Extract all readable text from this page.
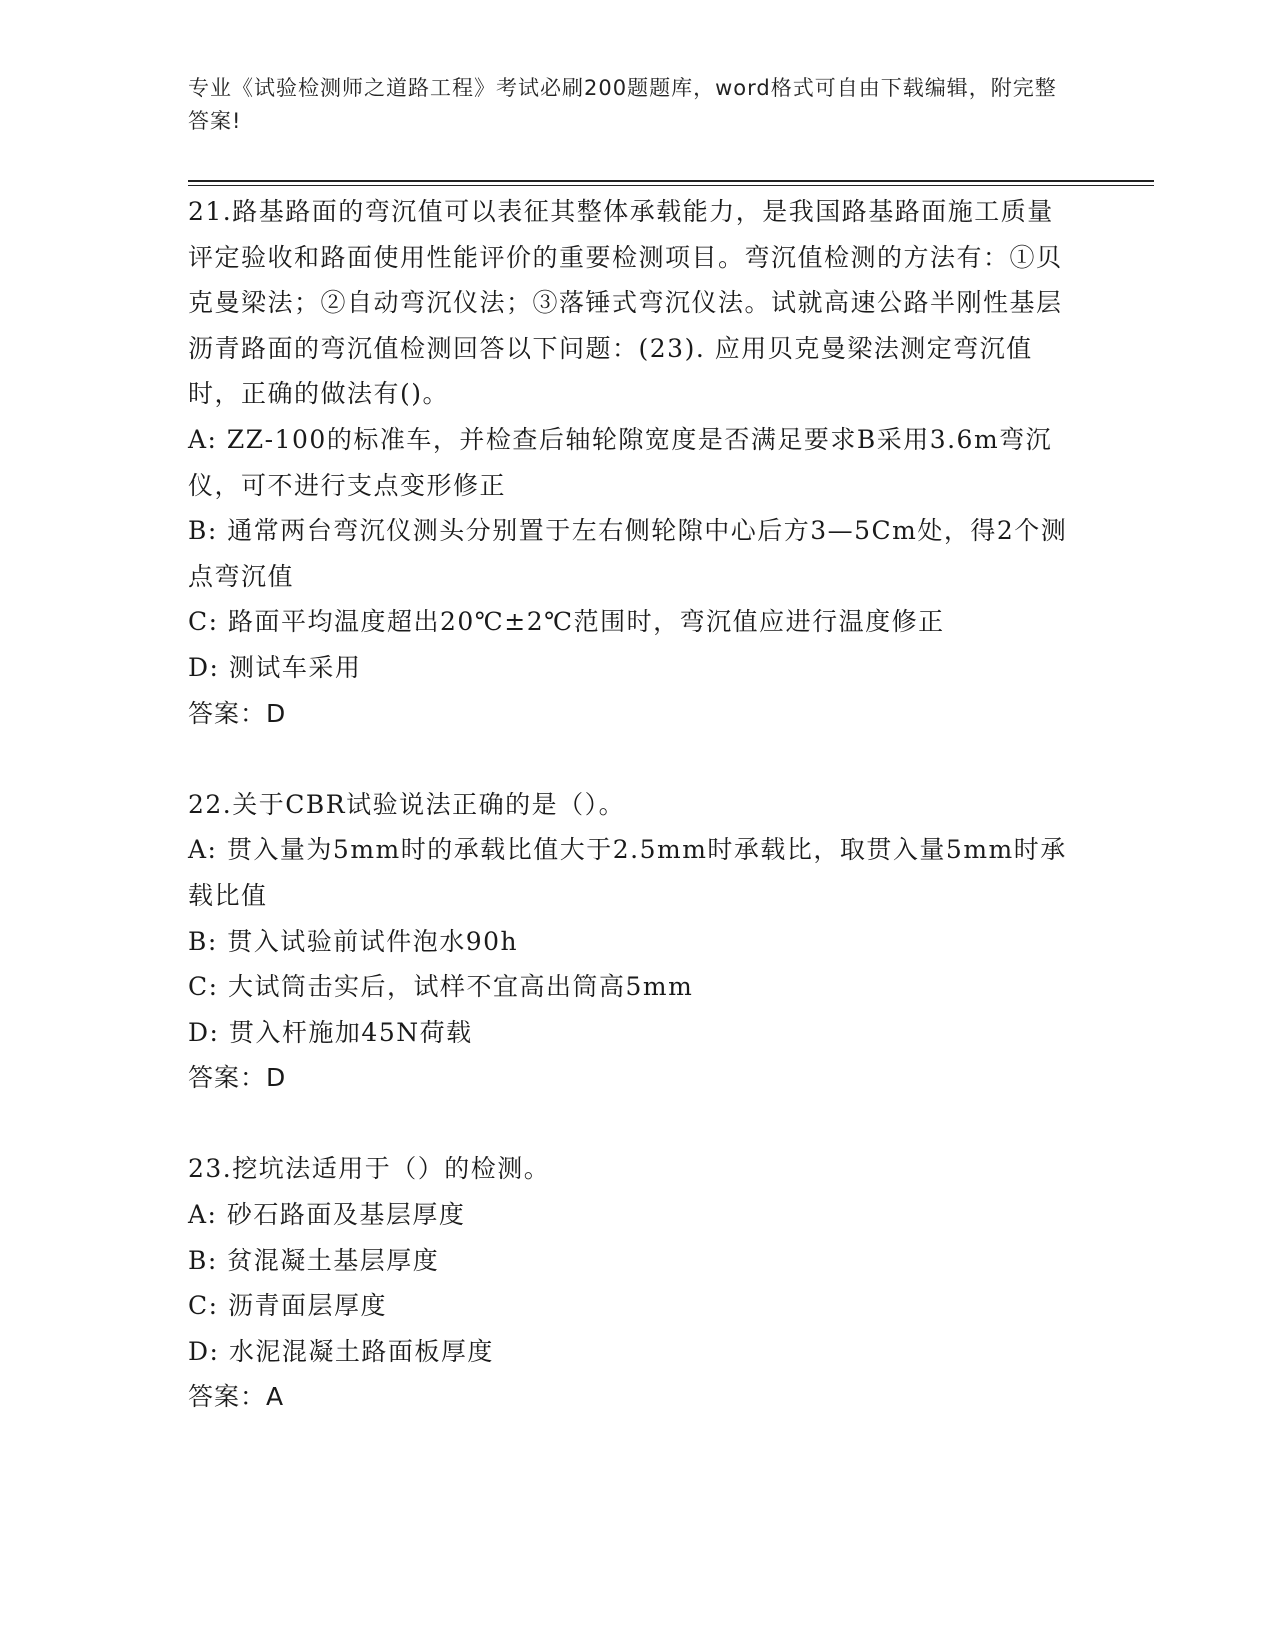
专业《试验检测师之道路工程》考试必刷200题题库，word格式可自由下载编辑，附完整答案!

21.路基路面的弯沉值可以表征其整体承载能力，是我国路基路面施工质量评定验收和路面使用性能评价的重要检测项目。弯沉值检测的方法有：①贝克曼梁法；②自动弯沉仪法；③落锤式弯沉仪法。试就高速公路半刚性基层沥青路面的弯沉值检测回答以下问题：(23). 应用贝克曼梁法测定弯沉值时，正确的做法有()。

A: ZZ-100的标准车，并检查后轴轮隙宽度是否满足要求B采用3.6m弯沉仪，可不进行支点变形修正

B: 通常两台弯沉仪测头分别置于左右侧轮隙中心后方3—5Cm处，得2个测点弯沉值

C: 路面平均温度超出20℃±2℃范围时，弯沉值应进行温度修正

D: 测试车采用

答案：D

22.关于CBR试验说法正确的是（）。

A: 贯入量为5mm时的承载比值大于2.5mm时承载比，取贯入量5mm时承载比值

B: 贯入试验前试件泡水90h

C: 大试筒击实后，试样不宜高出筒高5mm

D: 贯入杆施加45N荷载

答案：D

23.挖坑法适用于（）的检测。

A: 砂石路面及基层厚度

B: 贫混凝土基层厚度

C: 沥青面层厚度

D: 水泥混凝土路面板厚度

答案：A
